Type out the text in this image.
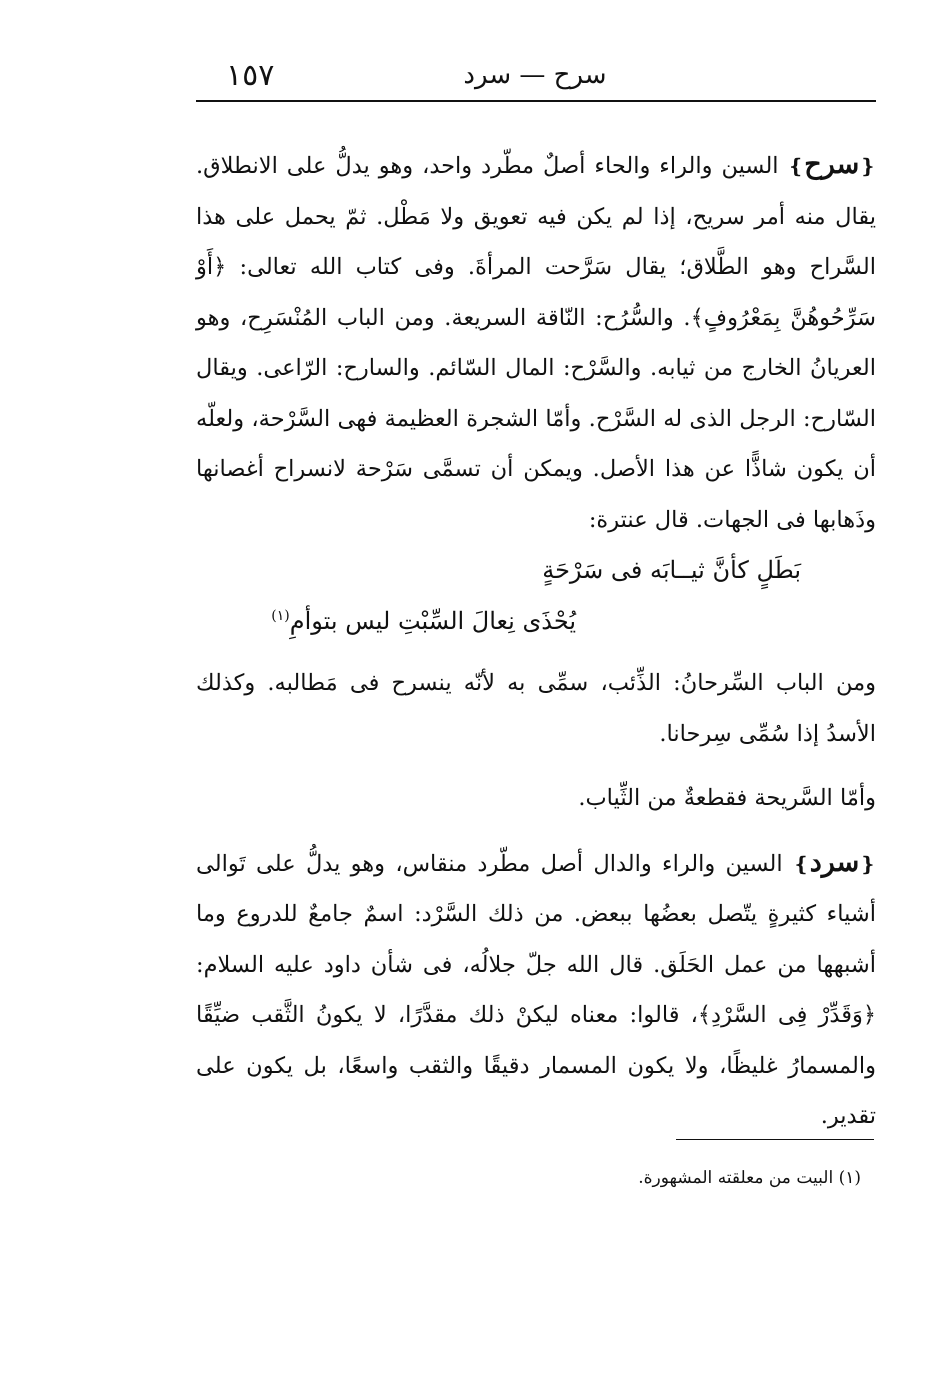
١٥٧	سرح — سرد

❴سرح❵ السين والراء والحاء أصلٌ مطّرد واحد، وهو يدلُّ على الانطلاق. يقال منه أمر سريح، إذا لم يكن فيه تعويق ولا مَطْل. ثمّ يحمل على هذا السَّراح وهو الطَّلاق؛ يقال سَرَّحت المرأةَ. وفى كتاب الله تعالى: ﴿أَوْ سَرِّحُوهُنَّ بِمَعْرُوفٍ﴾. والسُّرُح: النّاقة السريعة. ومن الباب المُنْسَرِح، وهو العريانُ الخارج من ثيابه. والسَّرْح: المال السّائم. والسارح: الرّاعى. ويقال السّارح: الرجل الذى له السَّرْح. وأمّا الشجرة العظيمة فهى السَّرْحة، ولعلّه أن يكون شاذًّا عن هذا الأصل. ويمكن أن تسمَّى سَرْحة لانسراح أغصانها وذَهابها فى الجهات. قال عنترة:

بَطَلٍ كأنَّ ثيــابَه فى سَرْحَةٍ
يُحْذَى نِعالَ السِّبْتِ ليس بتوأمِ$^{(١)}$

ومن الباب السِّرحانُ: الذِّئب، سمِّى به لأنّه ينسرح فى مَطالبه. وكذلك الأسدُ إذا سُمِّى سِرحانا.

وأمّا السَّريحة فقطعةٌ من الثِّياب.

❴سرد❵ السين والراء والدال أصل مطّرد منقاس، وهو يدلُّ على تَوالى أشياء كثيرةٍ يتّصل بعضُها ببعض. من ذلك السَّرْد: اسمٌ جامعٌ للدروع وما أشبهها من عمل الحَلَق. قال الله جلّ جلالُه، فى شأن داود عليه السلام: ﴿وَقَدِّرْ فِى السَّرْدِ﴾، قالوا: معناه ليكنْ ذلك مقدَّرًا، لا يكونُ الثَّقب ضيِّقًا والمسمارُ غليظًا، ولا يكون المسمار دقيقًا والثقب واسعًا، بل يكون على تقدير.

(١) البيت من معلقته المشهورة.
